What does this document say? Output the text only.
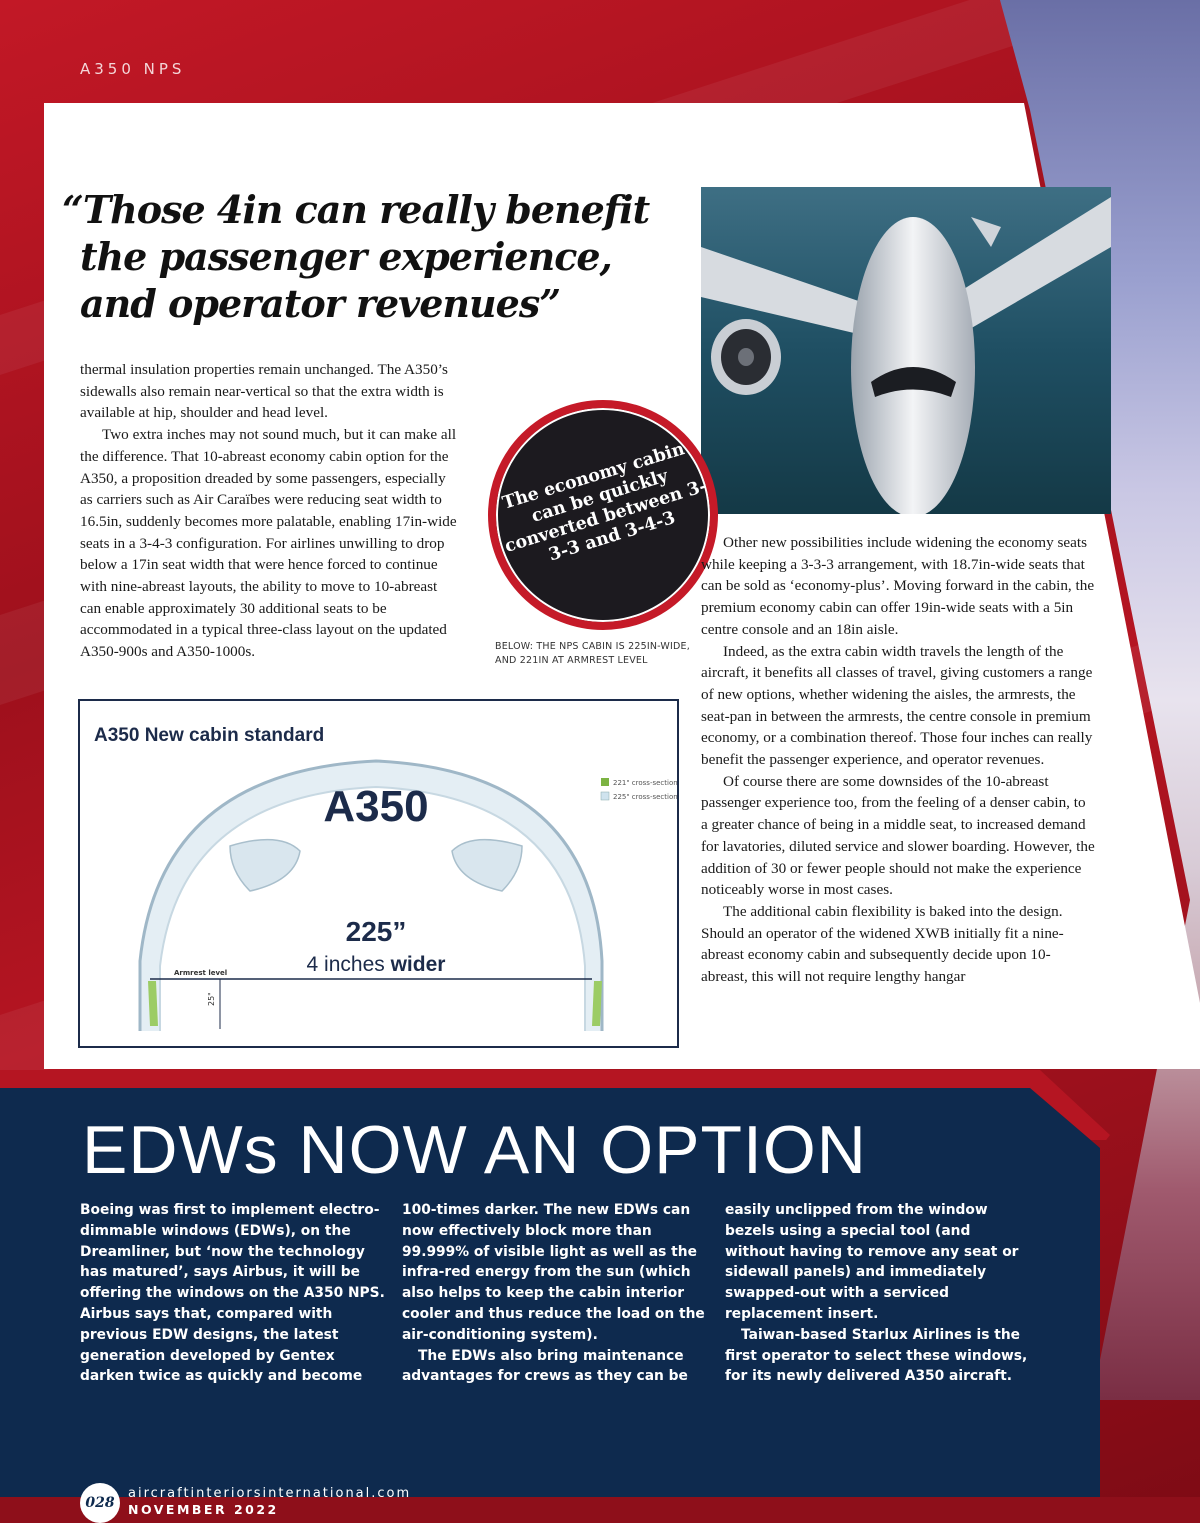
A350 NPS
“Those 4in can really benefit
the passenger experience,
and operator revenues”

thermal insulation properties remain unchanged. The A350’s sidewalls also remain near-vertical so that the extra width is available at hip, shoulder and head level.

Two extra inches may not sound much, but it can make all the difference. That 10-abreast economy cabin option for the A350, a proposition dreaded by some passengers, especially as carriers such as Air Caraïbes were reducing seat width to 16.5in, suddenly becomes more palatable, enabling 17in-wide seats in a 3-4-3 configuration. For airlines unwilling to drop below a 17in seat width that were hence forced to continue with nine-abreast layouts, the ability to move to 10-abreast can enable approximately 30 additional seats to be accommodated in a typical three-class layout on the updated A350-900s and A350-1000s.

The economy cabin can be quickly converted between 3-3-3 and 3-4-3
BELOW: THE NPS CABIN IS 225IN-WIDE, AND 221IN AT ARMREST LEVEL

Other new possibilities include widening the economy seats while keeping a 3-3-3 arrangement, with 18.7in-wide seats that can be sold as ‘economy-plus’. Moving forward in the cabin, the premium economy cabin can offer 19in-wide seats with a 5in centre console and an 18in aisle.

Indeed, as the extra cabin width travels the length of the aircraft, it benefits all classes of travel, giving customers a range of new options, whether widening the aisles, the armrests, the seat-pan in between the armrests, the centre console in premium economy, or a combination thereof. Those four inches can really benefit the passenger experience, and operator revenues.

Of course there are some downsides of the 10-abreast passenger experience too, from the feeling of a denser cabin, to a greater chance of being in a middle seat, to increased demand for lavatories, diluted service and slower boarding. However, the addition of 30 or fewer people should not make the experience noticeably worse in most cases.

The additional cabin flexibility is baked into the design. Should an operator of the widened XWB initially fit a nine-abreast economy cabin and subsequently decide upon 10-abreast, this will not require lengthy hangar

A350 New cabin standard
221" cross-section
225" cross-section
Armrest level
25"
A350
225”
4 inches wider
EDWs NOW AN OPTION

Boeing was first to implement electro-dimmable windows (EDWs), on the Dreamliner, but ‘now the technology has matured’, says Airbus, it will be offering the windows on the A350 NPS. Airbus says that, compared with previous EDW designs, the latest generation developed by Gentex darken twice as quickly and become

100-times darker. The new EDWs can now effectively block more than 99.999% of visible light as well as the infra-red energy from the sun (which also helps to keep the cabin interior cooler and thus reduce the load on the air-conditioning system).

The EDWs also bring maintenance advantages for crews as they can be

easily unclipped from the window bezels using a special tool (and without having to remove any seat or sidewall panels) and immediately swapped-out with a serviced replacement insert.

Taiwan-based Starlux Airlines is the first operator to select these windows, for its newly delivered A350 aircraft.

028
aircraftinteriorsinternational.com
NOVEMBER 2022
